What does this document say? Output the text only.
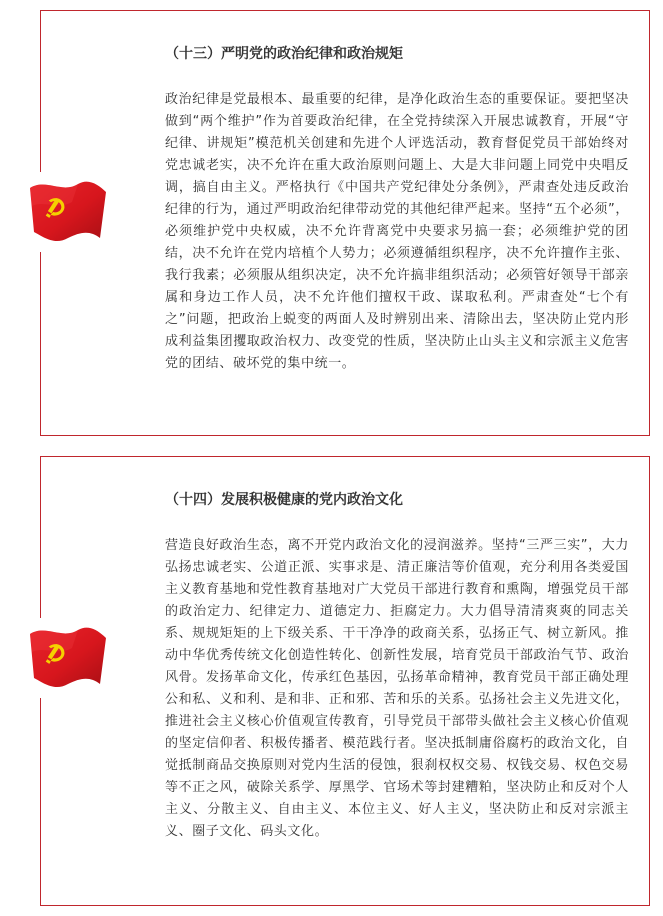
（十三）严明党的政治纪律和政治规矩

政治纪律是党最根本、最重要的纪律，是净化政治生态的重要保证。要把坚决做到“两个维护”作为首要政治纪律，在全党持续深入开展忠诚教育，开展“守纪律、讲规矩”模范机关创建和先进个人评选活动，教育督促党员干部始终对党忠诚老实，决不允许在重大政治原则问题上、大是大非问题上同党中央唱反调，搞自由主义。严格执行《中国共产党纪律处分条例》，严肃查处违反政治纪律的行为，通过严明政治纪律带动党的其他纪律严起来。坚持“五个必须”，必须维护党中央权威，决不允许背离党中央要求另搞一套；必须维护党的团结，决不允许在党内培植个人势力；必须遵循组织程序，决不允许擅作主张、我行我素；必须服从组织决定，决不允许搞非组织活动；必须管好领导干部亲属和身边工作人员，决不允许他们擅权干政、谋取私利。严肃查处“七个有之”问题，把政治上蜕变的两面人及时辨别出来、清除出去，坚决防止党内形成利益集团攫取政治权力、改变党的性质，坚决防止山头主义和宗派主义危害党的团结、破坏党的集中统一。

（十四）发展积极健康的党内政治文化

营造良好政治生态，离不开党内政治文化的浸润滋养。坚持“三严三实”，大力弘扬忠诚老实、公道正派、实事求是、清正廉洁等价值观，充分利用各类爱国主义教育基地和党性教育基地对广大党员干部进行教育和熏陶，增强党员干部的政治定力、纪律定力、道德定力、拒腐定力。大力倡导清清爽爽的同志关系、规规矩矩的上下级关系、干干净净的政商关系，弘扬正气、树立新风。推动中华优秀传统文化创造性转化、创新性发展，培育党员干部政治气节、政治风骨。发扬革命文化，传承红色基因，弘扬革命精神，教育党员干部正确处理公和私、义和利、是和非、正和邪、苦和乐的关系。弘扬社会主义先进文化，推进社会主义核心价值观宣传教育，引导党员干部带头做社会主义核心价值观的坚定信仰者、积极传播者、模范践行者。坚决抵制庸俗腐朽的政治文化，自觉抵制商品交换原则对党内生活的侵蚀，狠刹权权交易、权钱交易、权色交易等不正之风，破除关系学、厚黑学、官场术等封建糟粕，坚决防止和反对个人主义、分散主义、自由主义、本位主义、好人主义，坚决防止和反对宗派主义、圈子文化、码头文化。
